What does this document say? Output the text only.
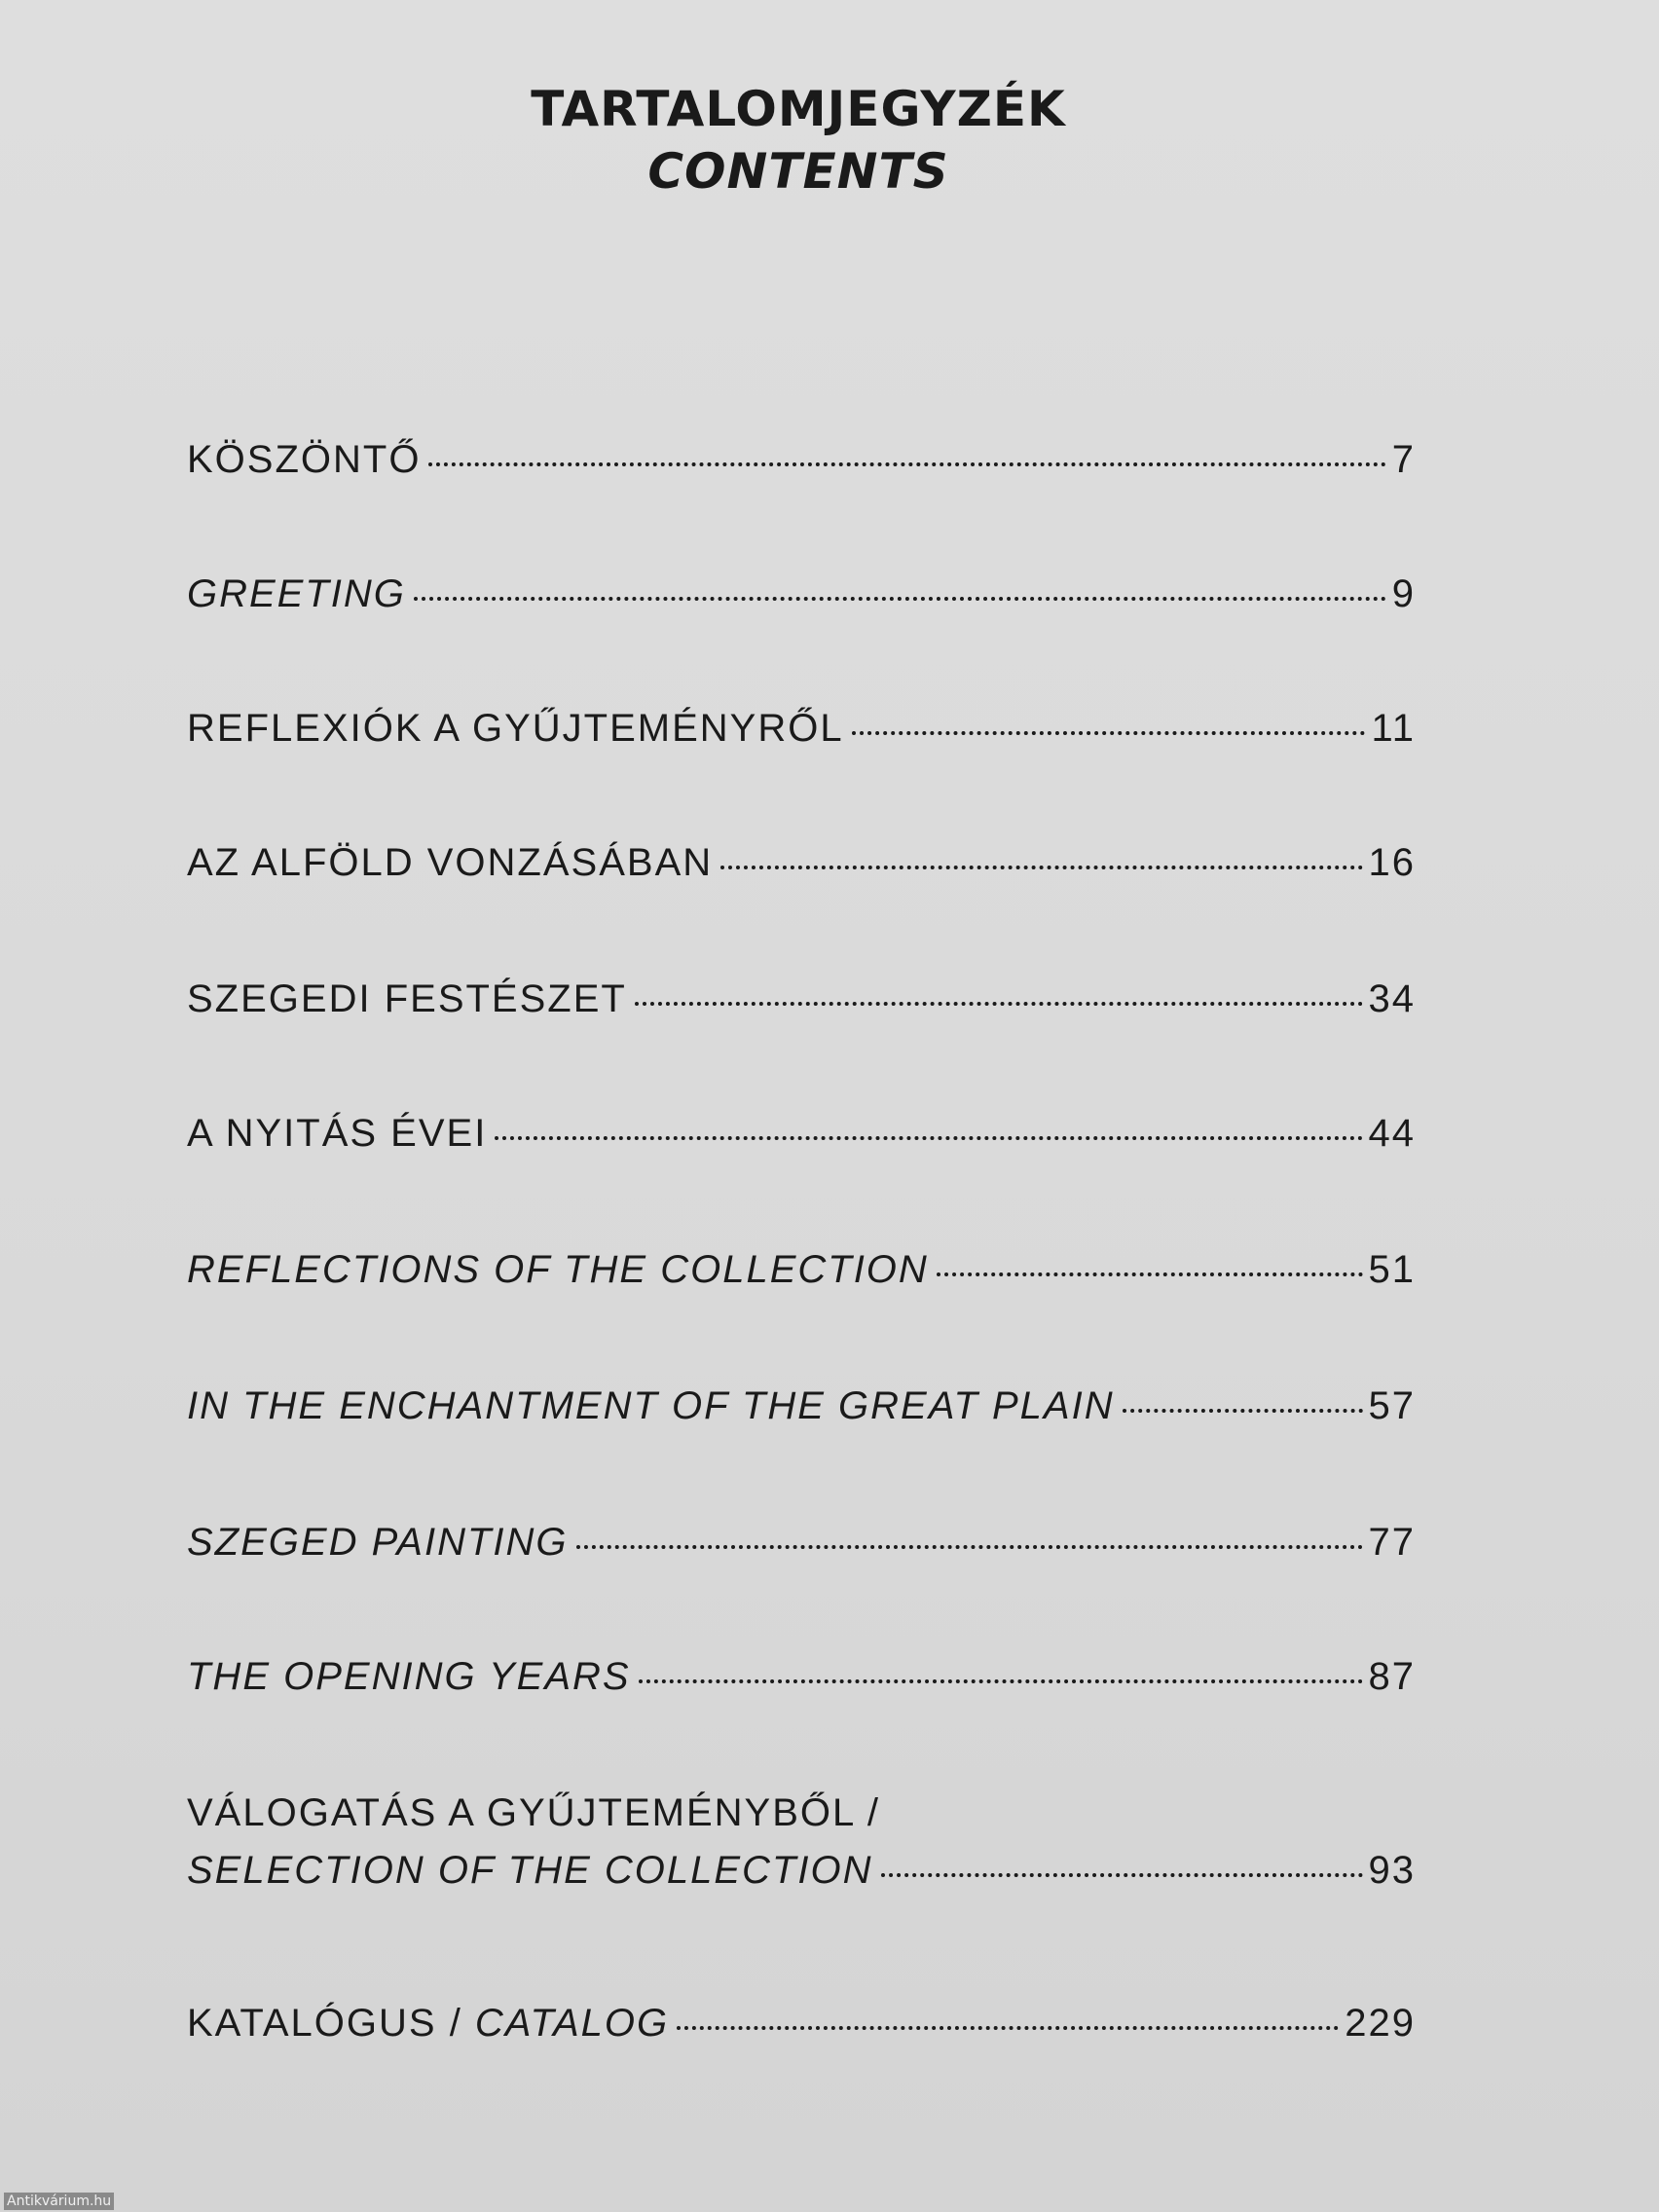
TARTALOMJEGYZÉK
CONTENTS
KÖSZÖNTŐ	7
GREETING	9
REFLEXIÓK A GYŰJTEMÉNYRŐL	11
AZ ALFÖLD VONZÁSÁBAN	16
SZEGEDI FESTÉSZET	34
A NYITÁS ÉVEI	44
REFLECTIONS OF THE COLLECTION	51
IN THE ENCHANTMENT OF THE GREAT PLAIN	57
SZEGED PAINTING	77
THE OPENING YEARS	87
VÁLOGATÁS A GYŰJTEMÉNYBŐL /
SELECTION OF THE COLLECTION	93
KATALÓGUS / CATALOG	229
Antikvárium.hu
